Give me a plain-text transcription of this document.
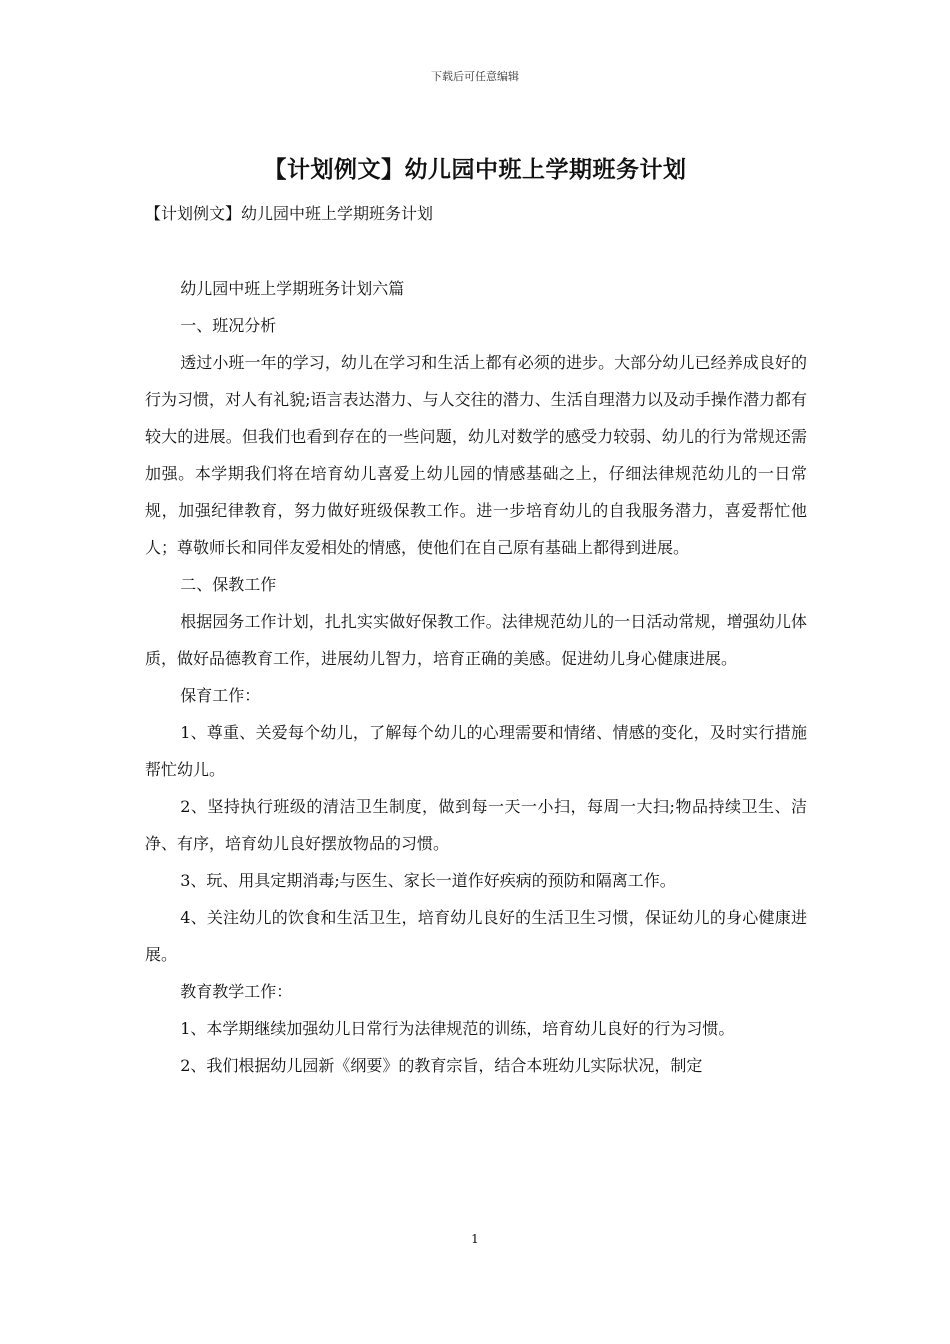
下载后可任意编辑
【计划例文】幼儿园中班上学期班务计划

【计划例文】幼儿园中班上学期班务计划

幼儿园中班上学期班务计划六篇

一、班况分析

透过小班一年的学习，幼儿在学习和生活上都有必须的进步。大部分幼儿已经养成良好的行为习惯，对人有礼貌;语言表达潜力、与人交往的潜力、生活自理潜力以及动手操作潜力都有较大的进展。但我们也看到存在的一些问题，幼儿对数学的感受力较弱、幼儿的行为常规还需加强。本学期我们将在培育幼儿喜爱上幼儿园的情感基础之上，仔细法律规范幼儿的一日常规，加强纪律教育，努力做好班级保教工作。进一步培育幼儿的自我服务潜力，喜爱帮忙他人；尊敬师长和同伴友爱相处的情感，使他们在自己原有基础上都得到进展。

二、保教工作

根据园务工作计划，扎扎实实做好保教工作。法律规范幼儿的一日活动常规，增强幼儿体质，做好品德教育工作，进展幼儿智力，培育正确的美感。促进幼儿身心健康进展。

保育工作：

1、尊重、关爱每个幼儿，了解每个幼儿的心理需要和情绪、情感的变化，及时实行措施帮忙幼儿。

2、坚持执行班级的清洁卫生制度，做到每一天一小扫，每周一大扫;物品持续卫生、洁净、有序，培育幼儿良好摆放物品的习惯。

3、玩、用具定期消毒;与医生、家长一道作好疾病的预防和隔离工作。

4、关注幼儿的饮食和生活卫生，培育幼儿良好的生活卫生习惯，保证幼儿的身心健康进展。

教育教学工作：

1、本学期继续加强幼儿日常行为法律规范的训练，培育幼儿良好的行为习惯。

2、我们根据幼儿园新《纲要》的教育宗旨，结合本班幼儿实际状况，制定

1
